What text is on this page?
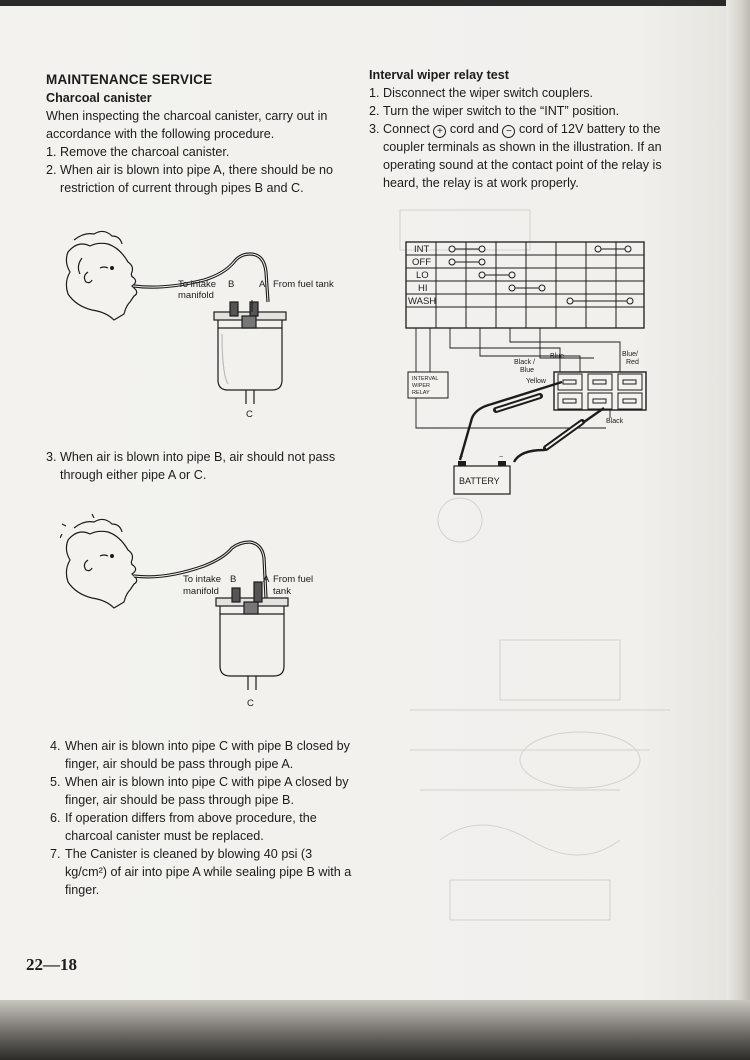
MAINTENANCE SERVICE

Charcoal canister

When inspecting the charcoal canister, carry out in accordance with the following procedure.

1. Remove the charcoal canister.

2. When air is blown into pipe A, there should be no restriction of current through pipes B and C.

To intake
manifold
B	A From fuel tank
C

3. When air is blown into pipe B, air should not pass through either pipe A or C.

To intake
manifold
B	A From fuel
tank
C

4. When air is blown into pipe C with pipe B closed by finger, air should be pass through pipe A.

5. When air is blown into pipe C with pipe A closed by finger, air should be pass through pipe B.

6. If operation differs from above procedure, the charcoal canister must be replaced.

7. The Canister is cleaned by blowing 40 psi (3 kg/cm²) of air into pipe A while sealing pipe B with a finger.

Interval wiper relay test

1. Disconnect the wiper switch couplers.

2. Turn the wiper switch to the “INT” position.

3. Connect + cord and − cord of 12V battery to the coupler terminals as shown in the illustration. If an operating sound at the contact point of the relay is heard, the relay is at work properly.

INT
OFF
LO
HI
WASH
INTERVAL
WIPER
RELAY
Blue
Black /
Blue
Blue/
Red
Yellow
Black
+	−
BATTERY
22—18
